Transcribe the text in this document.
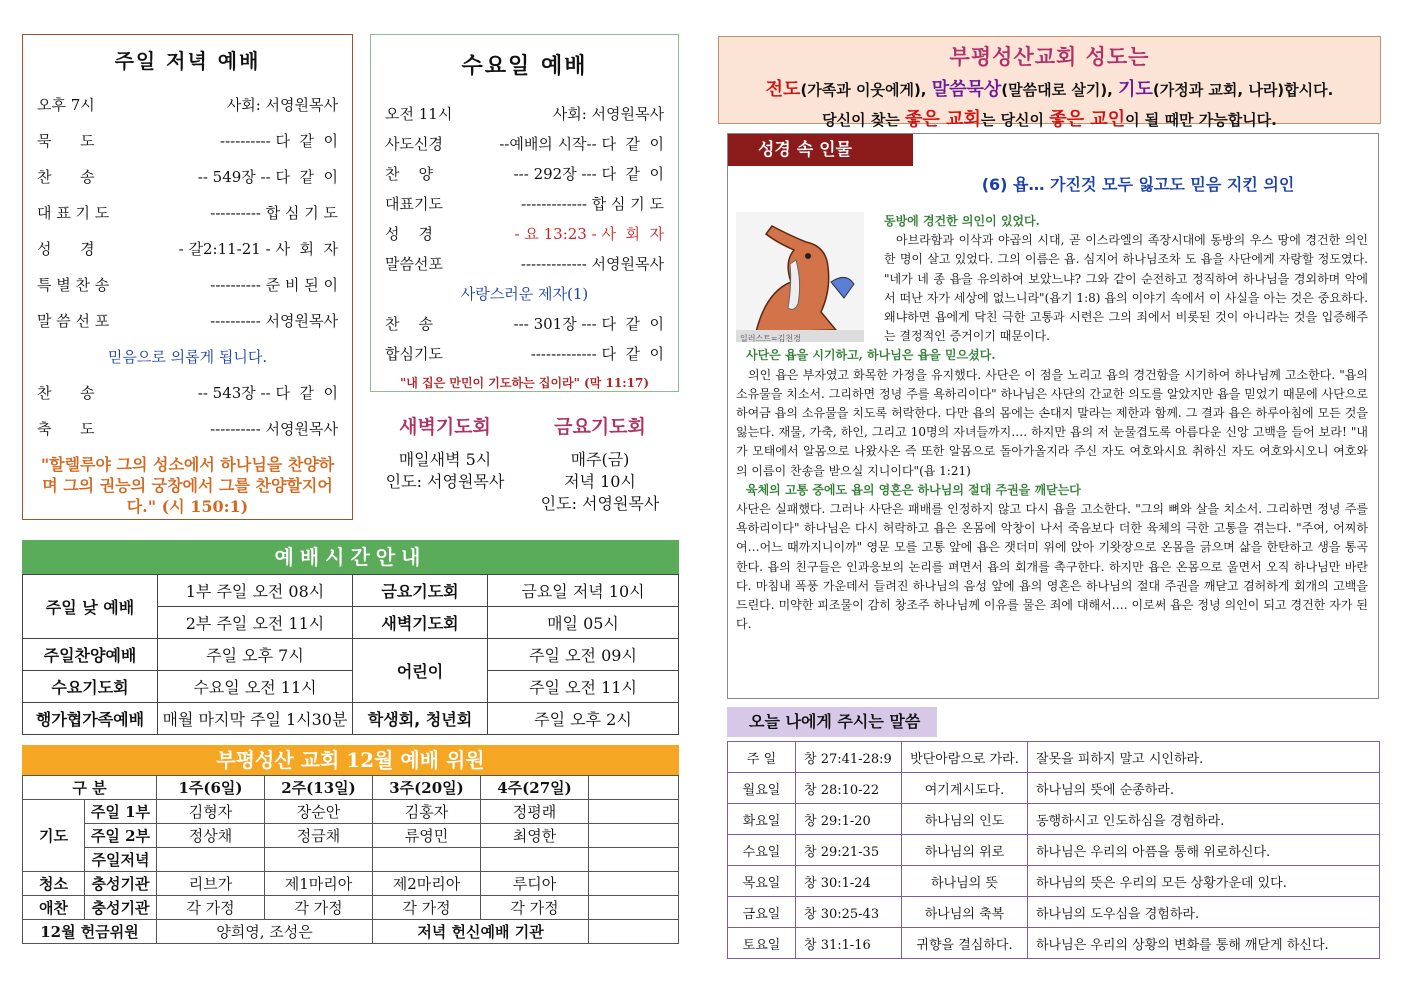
주일 저녁 예배
오후 7시	사회: 서영원목사
묵      도	---------- 다  같  이
찬      송	-- 549장 -- 다  같  이
대 표 기 도	---------- 합 심 기 도
성      경	- 갈2:11-21 - 사  회  자
특 별 찬 송	---------- 준 비 된 이
말 씀 선 포	---------- 서영원목사
믿음으로 의롭게 됩니다.
찬      송	-- 543장 -- 다  같  이
축      도	---------- 서영원목사
"할렐루야 그의 성소에서 하나님을 찬양하며 그의 권능의 궁창에서 그를 찬양할지어다." (시 150:1)
수요일 예배
오전 11시	사회: 서영원목사
사도신경	--예배의 시작-- 다  같  이
찬    양	--- 292장 --- 다  같  이
대표기도	------------- 합 심 기 도
성    경	- 요 13:23 - 사  회  자
말씀선포	------------- 서영원목사
사랑스러운 제자(1)
찬    송	--- 301장 --- 다  같  이
합심기도	------------- 다  같  이
"내 집은 만민이 기도하는 집이라" (막 11:17)
새벽기도회
매일새벽 5시
인도: 서영원목사
금요기도회
매주(금)
저녁 10시
인도: 서영원목사
예배시간안내
주일 낮 예배	1부 주일 오전 08시	금요기도회	금요일 저녁 10시
	2부 주일 오전 11시	새벽기도회	매일 05시
주일찬양예배	주일 오후 7시	어린이	주일 오전 09시
수요기도회	수요일 오전 11시		주일 오전 11시
행가협가족예배	매월 마지막 주일 1시30분	학생회, 청년회	주일 오후 2시
부평성산 교회 12월 예배 위원
구 분		1주(6일)	2주(13일)	3주(20일)	4주(27일)	
기도	주일 1부	김형자	장순안	김홍자	정평래	
	주일 2부	정상채	정금채	류영민	최영한	
	주일저녁					
청소	충성기관	리브가	제1마리아	제2마리아	루디아	
애찬	충성기관	각 가정	각 가정	각 가정	각 가정	
12월 헌금위원		양희영, 조성은		저녁 헌신예배 기관		
부평성산교회 성도는
전도(가족과 이웃에게), 말씀묵상(말씀대로 살기), 기도(가정과 교회, 나라)합시다.
당신이 찾는 좋은 교회는 당신이 좋은 교인이 될 때만 가능합니다.
성경 속 인물
(6) 욥… 가진것 모두 잃고도 믿음 지킨 의인
일러스트=김천경
동방에 경건한 의인이 있었다.
아브라함과 이삭과 야곱의 시대, 곧 이스라엘의 족장시대에 동방의 우스 땅에 경건한 의인 한 명이 살고 있었다. 그의 이름은 욥. 심지어 하나님조차 도 욥을 사단에게 자랑할 정도였다. "네가 네 종 욥을 유의하여 보았느냐? 그와 같이 순전하고 정직하여 하나님을 경외하며 악에서 떠난 자가 세상에 없느니라"(욥기 1:8) 욥의 이야기 속에서 이 사실을 아는 것은 중요하다. 왜냐하면 욥에게 닥친 극한 고통과 시련은 그의 죄에서 비롯된 것이 아니라는 것을 입증해주는 결정적인 증거이기 때문이다.
사단은 욥을 시기하고, 하나님은 욥을 믿으셨다.
의인 욥은 부자였고 화목한 가정을 유지했다. 사단은 이 점을 노리고 욥의 경건함을 시기하여 하나님께 고소한다. "욥의 소유물을 치소서. 그리하면 정녕 주를 욕하리이다" 하나님은 사단의 간교한 의도를 알았지만 욥을 믿었기 때문에 사단으로 하여금 욥의 소유물을 치도록 허락한다. 다만 욥의 몸에는 손대지 말라는 제한과 함께. 그 결과 욥은 하루아침에 모든 것을 잃는다. 재물, 가축, 하인, 그리고 10명의 자녀들까지…. 하지만 욥의 저 눈물겹도록 아름다운 신앙 고백을 들어 보라! "내가 모태에서 알몸으로 나왔사온 즉 또한 알몸으로 돌아가올지라 주신 자도 여호와시요 취하신 자도 여호와시오니 여호와의 이름이 찬송을 받으실 지니이다"(욥 1:21)
육체의 고통 중에도 욥의 영혼은 하나님의 절대 주권을 깨닫는다
사단은 실패했다. 그러나 사단은 패배를 인정하지 않고 다시 욥을 고소한다. "그의 뼈와 살을 치소서. 그리하면 정녕 주를 욕하리이다" 하나님은 다시 허락하고 욥은 온몸에 악창이 나서 죽음보다 더한 육체의 극한 고통을 겪는다. "주여, 어찌하여…어느 때까지니이까" 영문 모를 고통 앞에 욥은 잿더미 위에 앉아 기왓장으로 온몸을 긁으며 삶을 한탄하고 생을 통곡한다. 욥의 친구들은 인과응보의 논리를 펴면서 욥의 회개를 촉구한다. 하지만 욥은 온몸으로 울면서 오직 하나님만 바란다. 마침내 폭풍 가운데서 들려진 하나님의 음성 앞에 욥의 영혼은 하나님의 절대 주권을 깨닫고 겸허하게 회개의 고백을 드린다. 미약한 피조물이 감히 창조주 하나님께 이유를 물은 죄에 대해서…. 이로써 욥은 정녕 의인이 되고 경건한 자가 된다.
오늘 나에게 주시는 말씀
주 일	창 27:41-28:9	밧단아람으로 가라.	잘못을 피하지 말고 시인하라.
월요일	창 28:10-22	여기계시도다.	하나님의 뜻에 순종하라.
화요일	창 29:1-20	하나님의 인도	동행하시고 인도하심을 경험하라.
수요일	창 29:21-35	하나님의 위로	하나님은 우리의 아픔을 통해 위로하신다.
목요일	창 30:1-24	하나님의 뜻	하나님의 뜻은 우리의 모든 상황가운데 있다.
금요일	창 30:25-43	하나님의 축복	하나님의 도우심을 경험하라.
토요일	창 31:1-16	귀향을 결심하다.	하나님은 우리의 상황의 변화를 통해 깨닫게 하신다.
